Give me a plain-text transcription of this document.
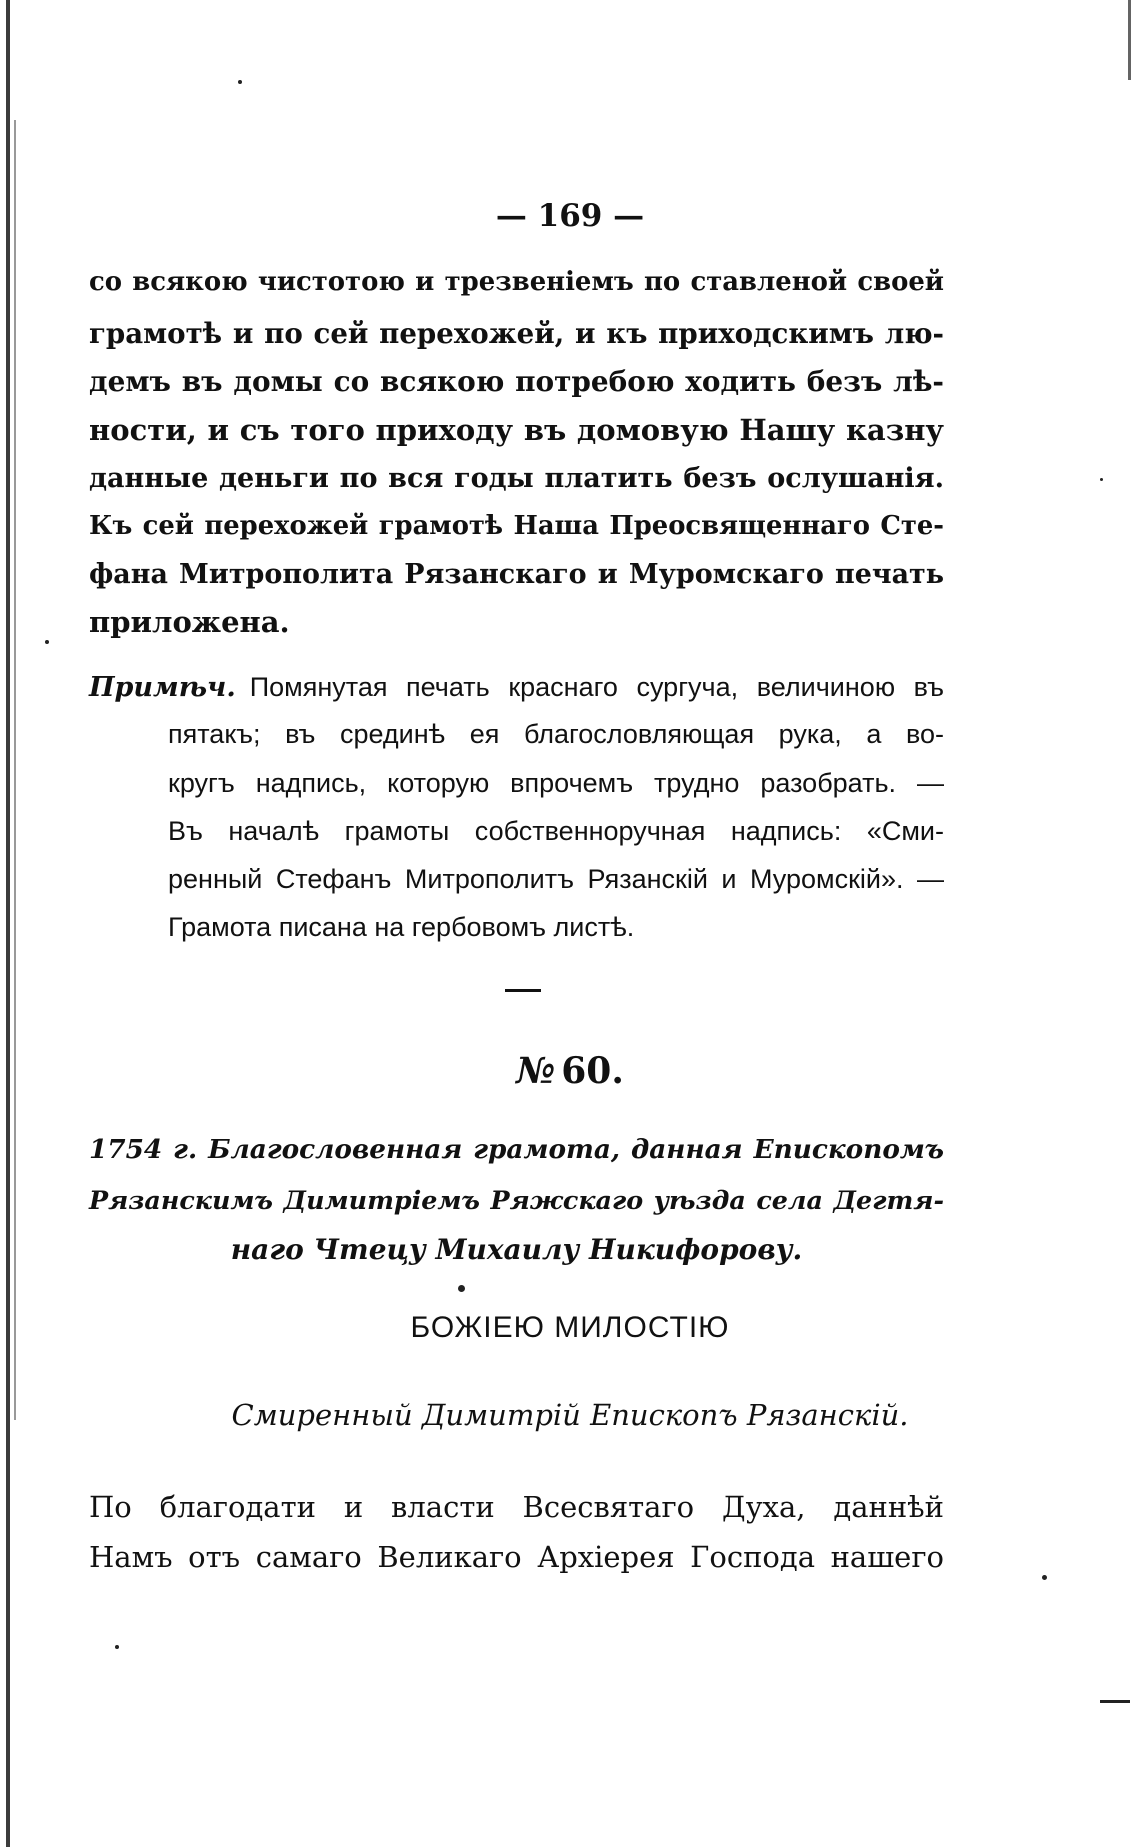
— 169 —
со всякою чистотою и трезвеніемъ по ставленой своей
грамотѣ и по сей перехожей, и къ приходскимъ лю-
демъ въ домы со всякою потребою ходить безъ лѣ-
ности, и съ того приходу въ домовую Нашу казну
данные деньги по вся годы платить безъ ослушанія.
Къ сей перехожей грамотѣ Наша Преосвященнаго Сте-
фана Митрополита Рязанскаго и Муромскаго печать
приложена.
Примѣч. Помянутая печать краснаго сургуча, величиною въ
пятакъ; въ срединѣ ея благословляющая рука, а во-
кругъ надпись, которую впрочемъ трудно разобрать. —
Въ началѣ грамоты собственноручная надпись: «Сми-
ренный Стефанъ Митрополитъ Рязанскій и Муромскій». —
Грамота писана на гербовомъ листѣ.
№ 60.
1754 г. Благословенная грамота, данная Епископомъ
Рязанскимъ Димитріемъ Ряжскаго уѣзда села Дегтя-
наго Чтецу Михаилу Никифорову.
БОЖІЕЮ МИЛОСТІЮ
Смиренный Димитрій Епископъ Рязанскій.
По благодати и власти Всесвятаго Духа, даннѣй
Намъ отъ самаго Великаго Архіерея Господа нашего
